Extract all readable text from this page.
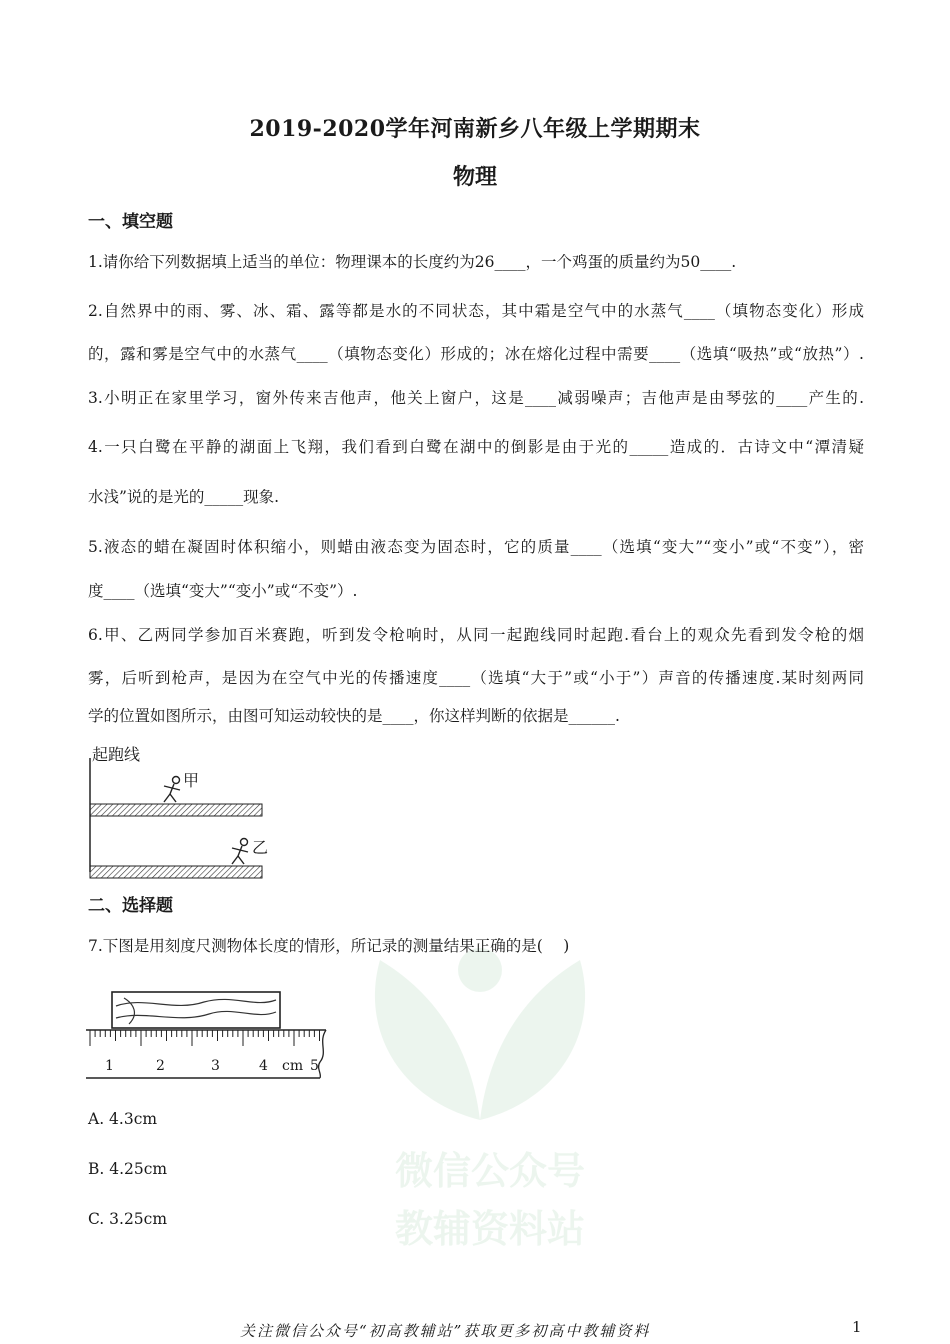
微信公众号
教辅资料站
2019-2020学年河南新乡八年级上学期期末
物理
一、填空题
1.请你给下列数据填上适当的单位：物理课本的长度约为26____，一个鸡蛋的质量约为50____.
2.自然界中的雨、雾、冰、霜、露等都是水的不同状态，其中霜是空气中的水蒸气____（填物态变化）形成
的，露和雾是空气中的水蒸气____（填物态变化）形成的；冰在熔化过程中需要____（选填“吸热”或“放热”）.
3.小明正在家里学习，窗外传来吉他声，他关上窗户，这是____减弱噪声；吉他声是由琴弦的____产生的.
4.一只白鹭在平静的湖面上飞翔，我们看到白鹭在湖中的倒影是由于光的_____造成的．古诗文中“潭清疑
水浅”说的是光的_____现象.
5.液态的蜡在凝固时体积缩小，则蜡由液态变为固态时，它的质量____（选填“变大”“变小”或“不变”），密
度____（选填“变大”“变小”或“不变”）.
6.甲、乙两同学参加百米赛跑，听到发令枪响时，从同一起跑线同时起跑.看台上的观众先看到发令枪的烟
雾，后听到枪声，是因为在空气中光的传播速度____（选填“大于”或“小于”）声音的传播速度.某时刻两同
学的位置如图所示，由图可知运动较快的是____，你这样判断的依据是______.
起跑线
甲
乙
二、选择题
7.下图是用刻度尺测物体长度的情形，所记录的测量结果正确的是(　 )
1	2	3	4 cm 5
A. 4.3cm
B. 4.25cm
C. 3.25cm
关注微信公众号“初高教辅站”获取更多初高中教辅资料	1
